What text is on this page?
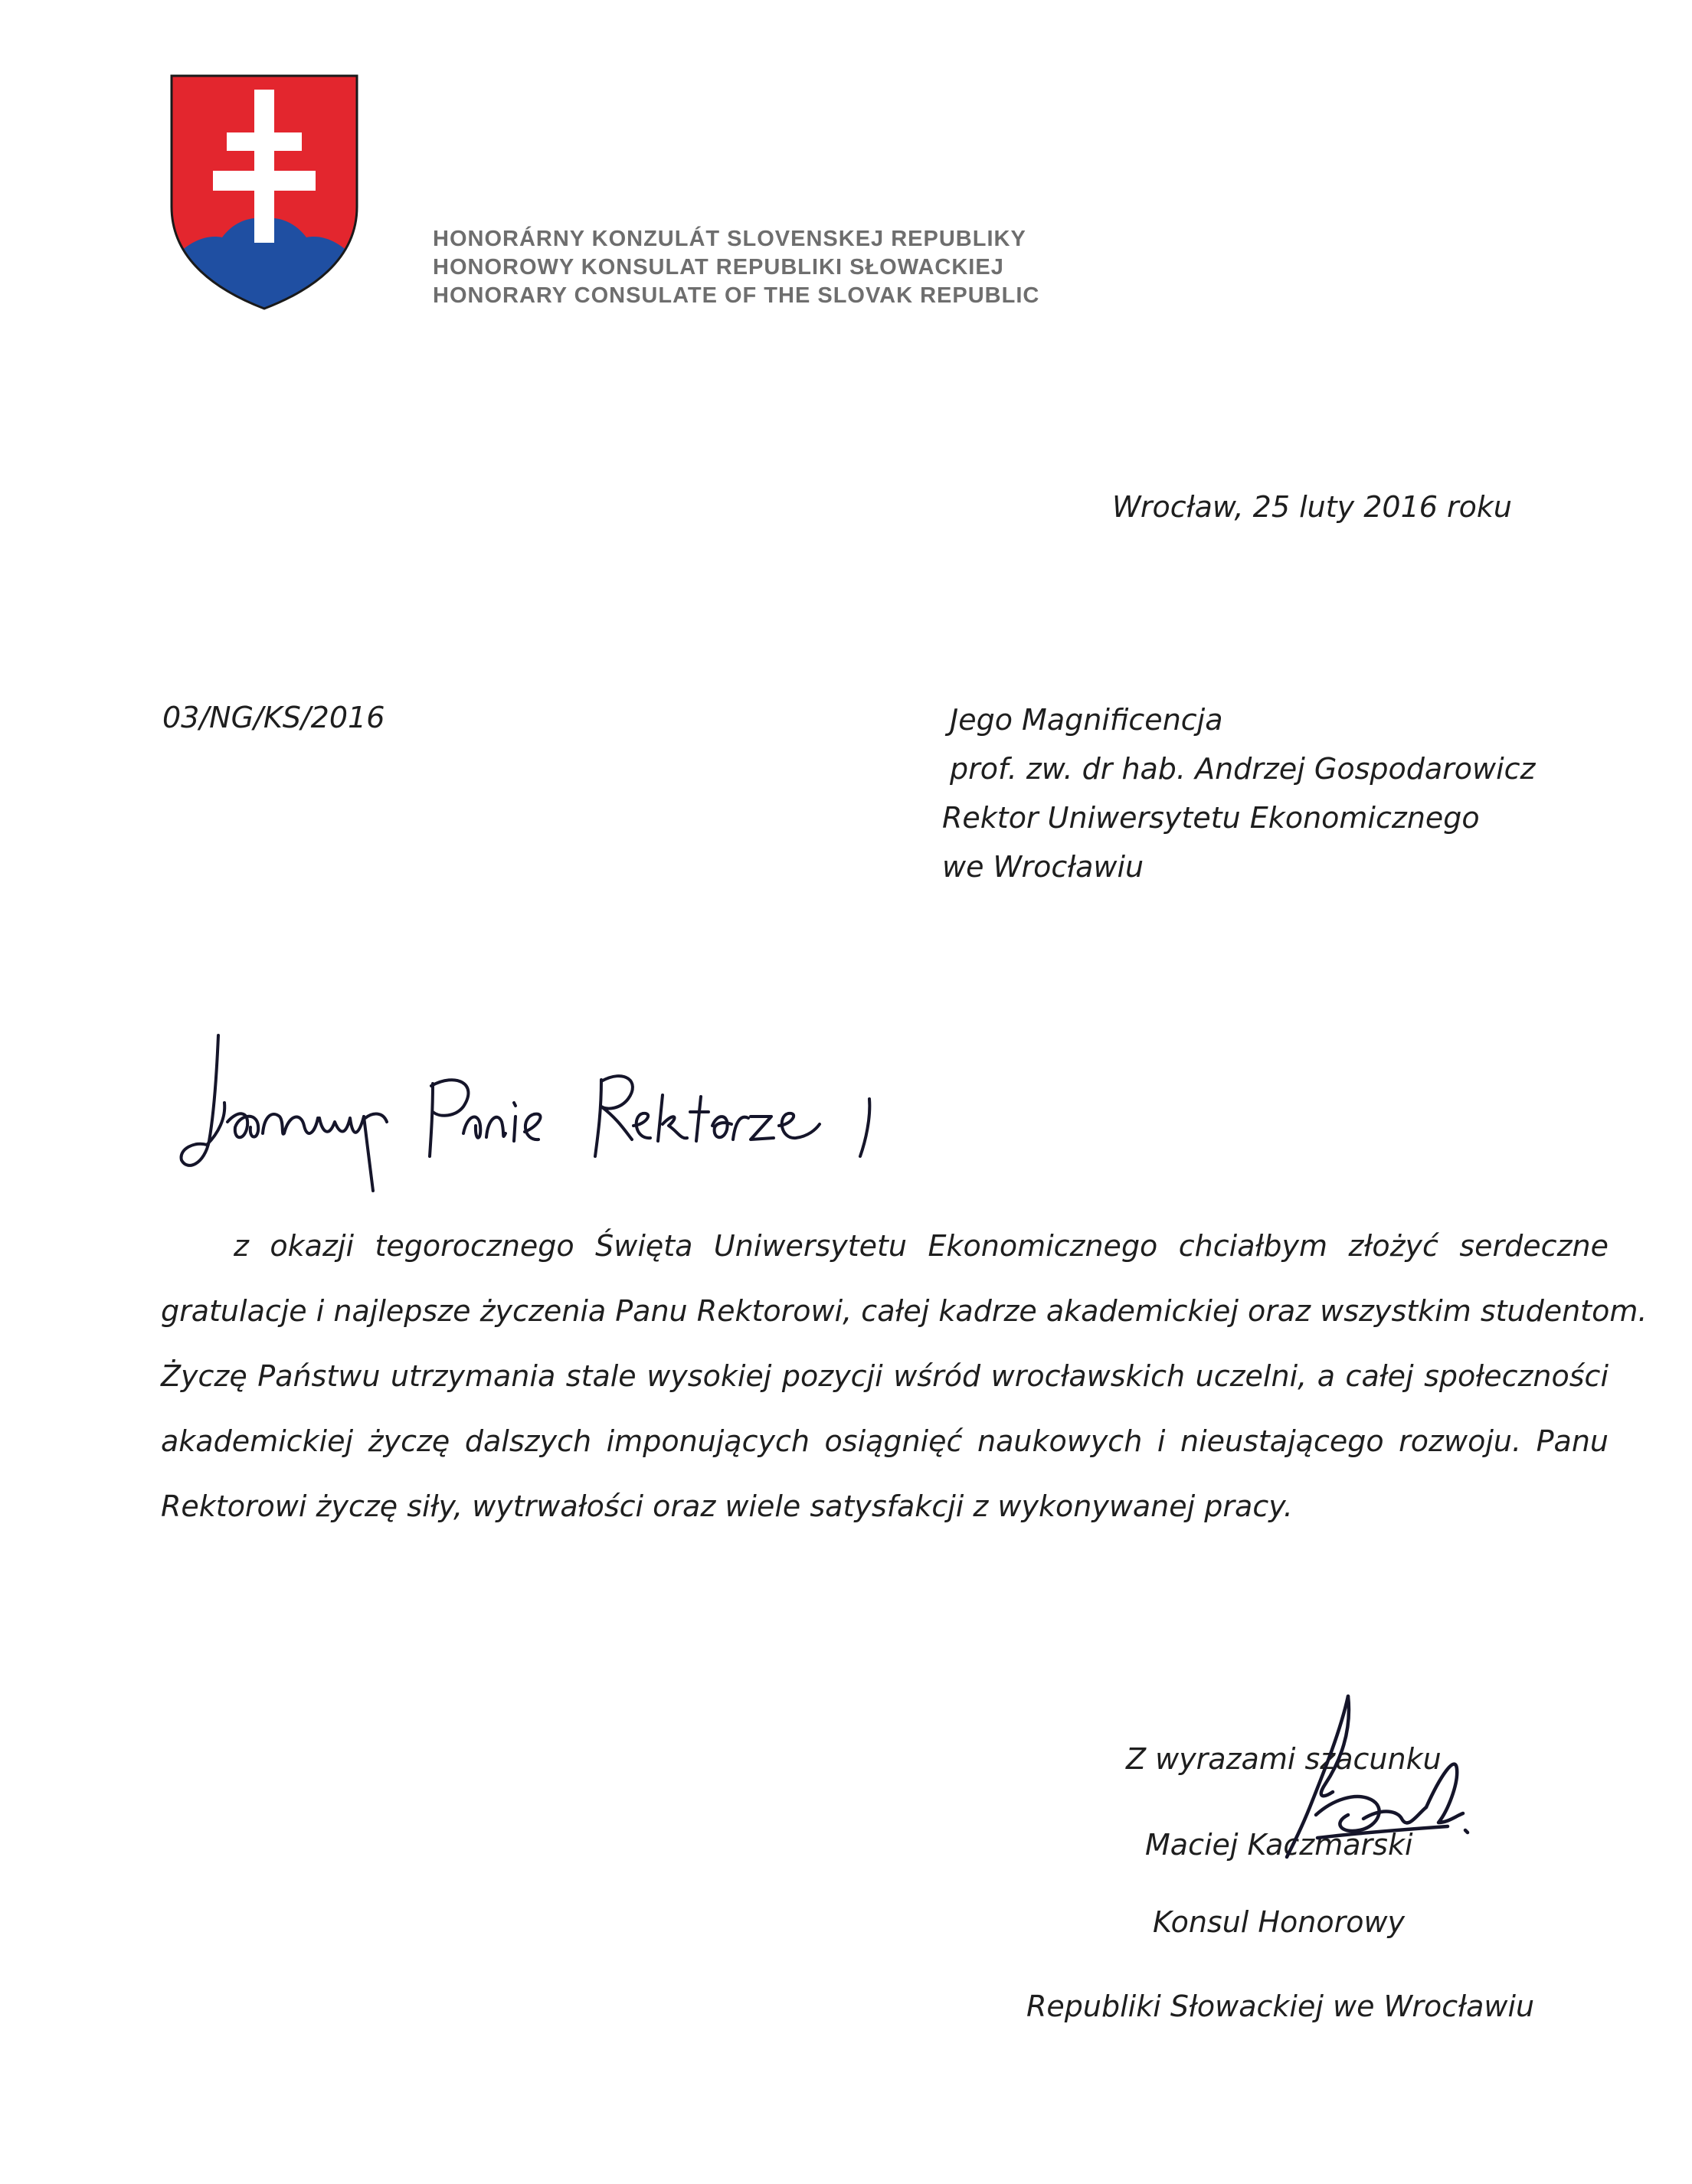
HONORÁRNY KONZULÁT SLOVENSKEJ REPUBLIKY
HONOROWY KONSULAT REPUBLIKI SŁOWACKIEJ
HONORARY CONSULATE OF THE SLOVAK REPUBLIC
Wrocław, 25 luty 2016 roku
03/NG/KS/2016	Jego Magnificencja
prof. zw. dr hab. Andrzej Gospodarowicz
Rektor Uniwersytetu Ekonomicznego
we Wrocławiu
z okazji tegorocznego Święta Uniwersytetu Ekonomicznego chciałbym złożyć serdeczne
gratulacje i najlepsze życzenia Panu Rektorowi, całej kadrze akademickiej oraz wszystkim studentom.
Życzę Państwu utrzymania stale wysokiej pozycji wśród wrocławskich uczelni, a całej społeczności
akademickiej życzę dalszych imponujących osiągnięć naukowych i nieustającego rozwoju. Panu
Rektorowi życzę siły, wytrwałości oraz wiele satysfakcji z wykonywanej pracy.
Z wyrazami szacunku
Maciej Kaczmarski
Konsul Honorowy
Republiki Słowackiej we Wrocławiu
